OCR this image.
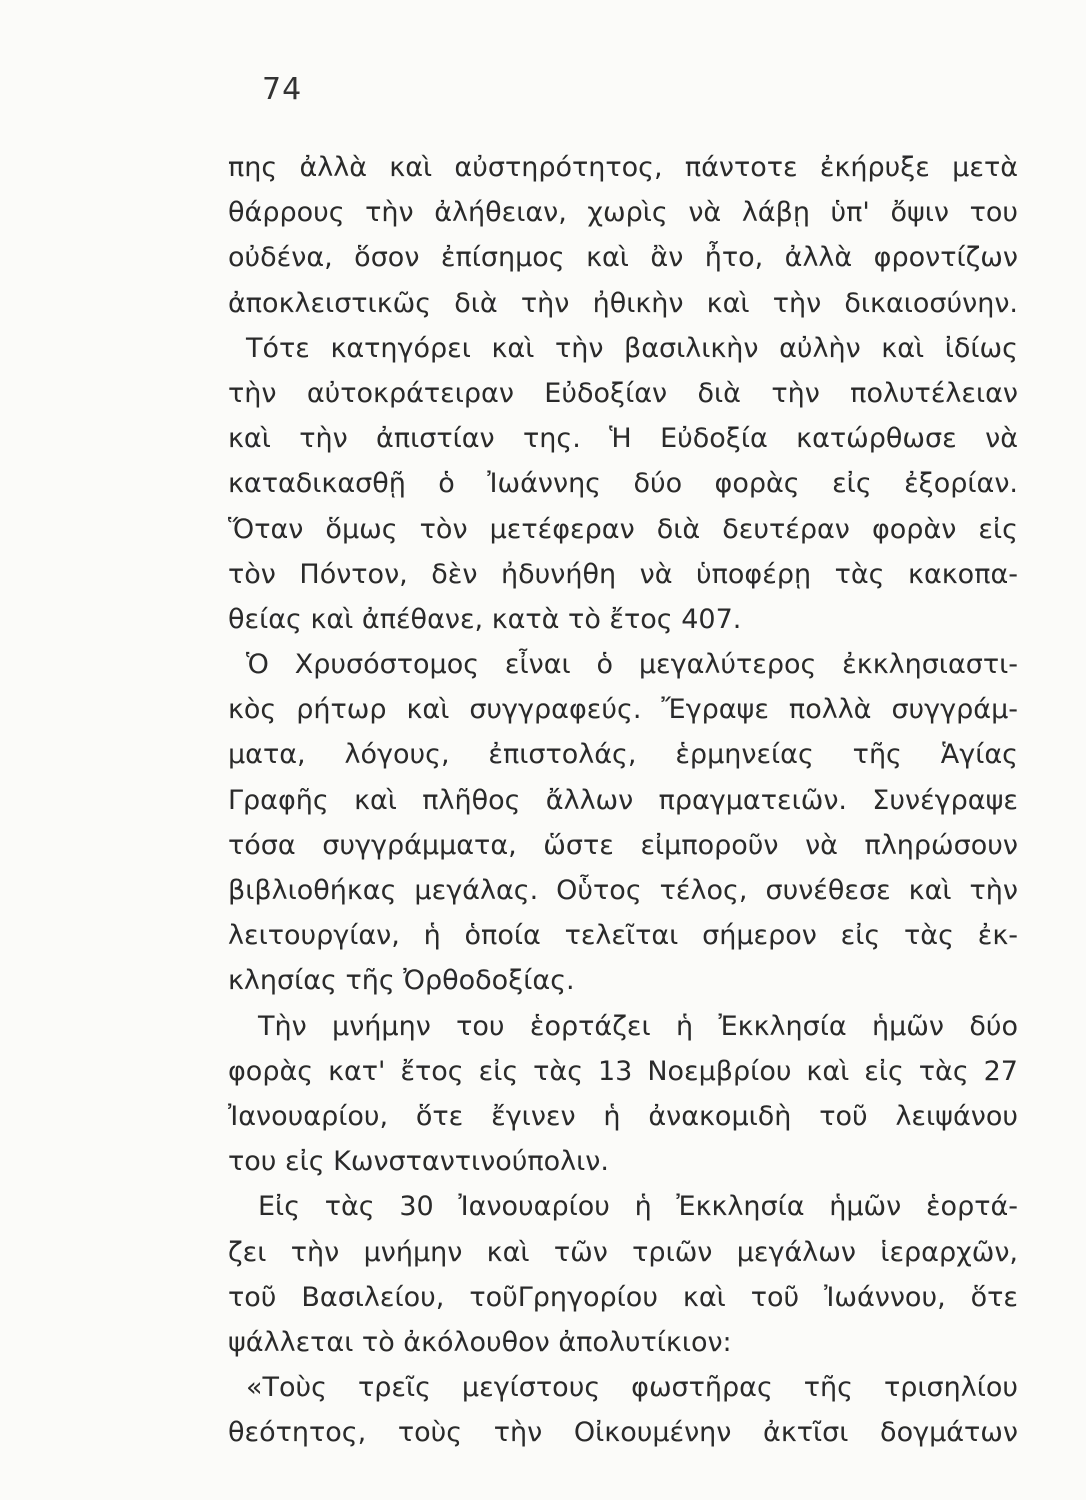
74
πης ἀλλὰ καὶ αὐστηρότητος, πάντοτε ἐκήρυξε μετὰ
θάρρους τὴν ἀλήθειαν, χωρὶς νὰ λάβῃ ὑπ' ὄψιν του
οὐδένα, ὅσον ἐπίσημος καὶ ἂν ἦτο, ἀλλὰ φροντίζων
ἀποκλειστικῶς διὰ τὴν ἠθικὴν καὶ τὴν δικαιοσύνην.
Τότε κατηγόρει καὶ τὴν βασιλικὴν αὐλὴν καὶ ἰδίως
τὴν αὐτοκράτειραν Εὐδοξίαν διὰ τὴν πολυτέλειαν
καὶ τὴν ἀπιστίαν της. Ἡ Εὐδοξία κατώρθωσε νὰ
καταδικασθῇ ὁ Ἰωάννης δύο φορὰς εἰς ἐξορίαν.
Ὅταν ὅμως τὸν μετέφεραν διὰ δευτέραν φορὰν εἰς
τὸν Πόντον, δὲν ἠδυνήθη νὰ ὑποφέρῃ τὰς κακοπα-
θείας καὶ ἀπέθανε, κατὰ τὸ ἔτος 407.
Ὁ Χρυσόστομος εἶναι ὁ μεγαλύτερος ἐκκλησιαστι-
κὸς ρήτωρ καὶ συγγραφεύς. Ἔγραψε πολλὰ συγγράμ-
ματα, λόγους, ἐπιστολάς, ἑρμηνείας τῆς Ἁγίας
Γραφῆς καὶ πλῆθος ἄλλων πραγματειῶν. Συνέγραψε
τόσα συγγράμματα, ὥστε εἰμποροῦν νὰ πληρώσουν
βιβλιοθήκας μεγάλας. Οὗτος τέλος, συνέθεσε καὶ τὴν
λειτουργίαν, ἡ ὁποία τελεῖται σήμερον εἰς τὰς ἐκ-
κλησίας τῆς Ὀρθοδοξίας.
Τὴν μνήμην του ἑορτάζει ἡ Ἐκκλησία ἡμῶν δύο
φορὰς κατ' ἔτος εἰς τὰς 13 Νοεμβρίου καὶ εἰς τὰς 27
Ἰανουαρίου, ὅτε ἔγινεν ἡ ἀνακομιδὴ τοῦ λειψάνου
του εἰς Κωνσταντινούπολιν.
Εἰς τὰς 30 Ἰανουαρίου ἡ Ἐκκλησία ἡμῶν ἑορτά-
ζει τὴν μνήμην καὶ τῶν τριῶν μεγάλων ἱεραρχῶν,
τοῦ Βασιλείου, τοῦΓρηγορίου καὶ τοῦ Ἰωάννου, ὅτε
ψάλλεται τὸ ἀκόλουθον ἀπολυτίκιον:
«Τοὺς τρεῖς μεγίστους φωστῆρας τῆς τρισηλίου
θεότητος, τοὺς τὴν Οἰκουμένην ἀκτῖσι δογμάτων
